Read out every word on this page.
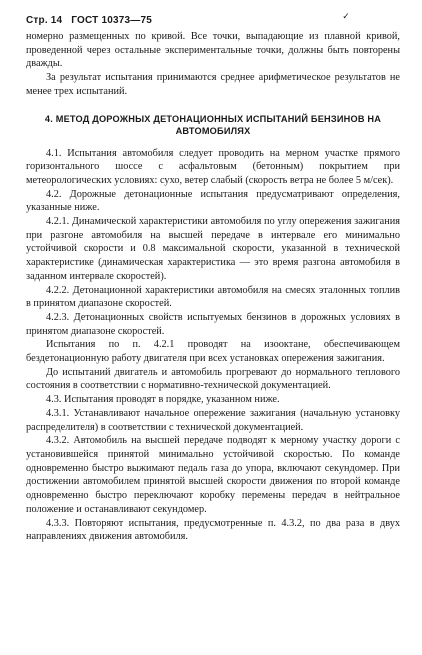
Стр. 14 ГОСТ 10373—75	✓

номерно размещенных по кривой. Все точки, выпадающие из плавной кривой, проведенной через остальные экспериментальные точки, должны быть повторены дважды.

За результат испытания принимаются среднее арифметическое результатов не менее трех испытаний.

4. МЕТОД ДОРОЖНЫХ ДЕТОНАЦИОННЫХ ИСПЫТАНИЙ БЕНЗИНОВ НА АВТОМОБИЛЯХ

4.1. Испытания автомобиля следует проводить на мерном участке прямого горизонтального шоссе с асфальтовым (бетонным) покрытием при метеорологических условиях: сухо, ветер слабый (скорость ветра не более 5 м/сек).

4.2. Дорожные детонационные испытания предусматривают определения, указанные ниже.

4.2.1. Динамической характеристики автомобиля по углу опережения зажигания при разгоне автомобиля на высшей передаче в интервале его минимально устойчивой скорости и 0.8 максимальной скорости, указанной в технической характеристике (динамическая характеристика — это время разгона автомобиля в заданном интервале скоростей).

4.2.2. Детонационной характеристики автомобиля на смесях эталонных топлив в принятом диапазоне скоростей.

4.2.3. Детонационных свойств испытуемых бензинов в дорожных условиях в принятом диапазоне скоростей.

Испытания по п. 4.2.1 проводят на изооктане, обеспечивающем бездетонационную работу двигателя при всех установках опережения зажигания.

До испытаний двигатель и автомобиль прогревают до нормального теплового состояния в соответствии с нормативно-технической документацией.

4.3. Испытания проводят в порядке, указанном ниже.

4.3.1. Устанавливают начальное опережение зажигания (начальную установку распределителя) в соответствии с технической документацией.

4.3.2. Автомобиль на высшей передаче подводят к мерному участку дороги с установившейся принятой минимально устойчивой скоростью. По команде одновременно быстро выжимают педаль газа до упора, включают секундомер. При достижении автомобилем принятой высшей скорости движения по второй команде одновременно быстро переключают коробку перемены передач в нейтральное положение и останавливают секундомер.

4.3.3. Повторяют испытания, предусмотренные п. 4.3.2, по два раза в двух направлениях движения автомобиля.
